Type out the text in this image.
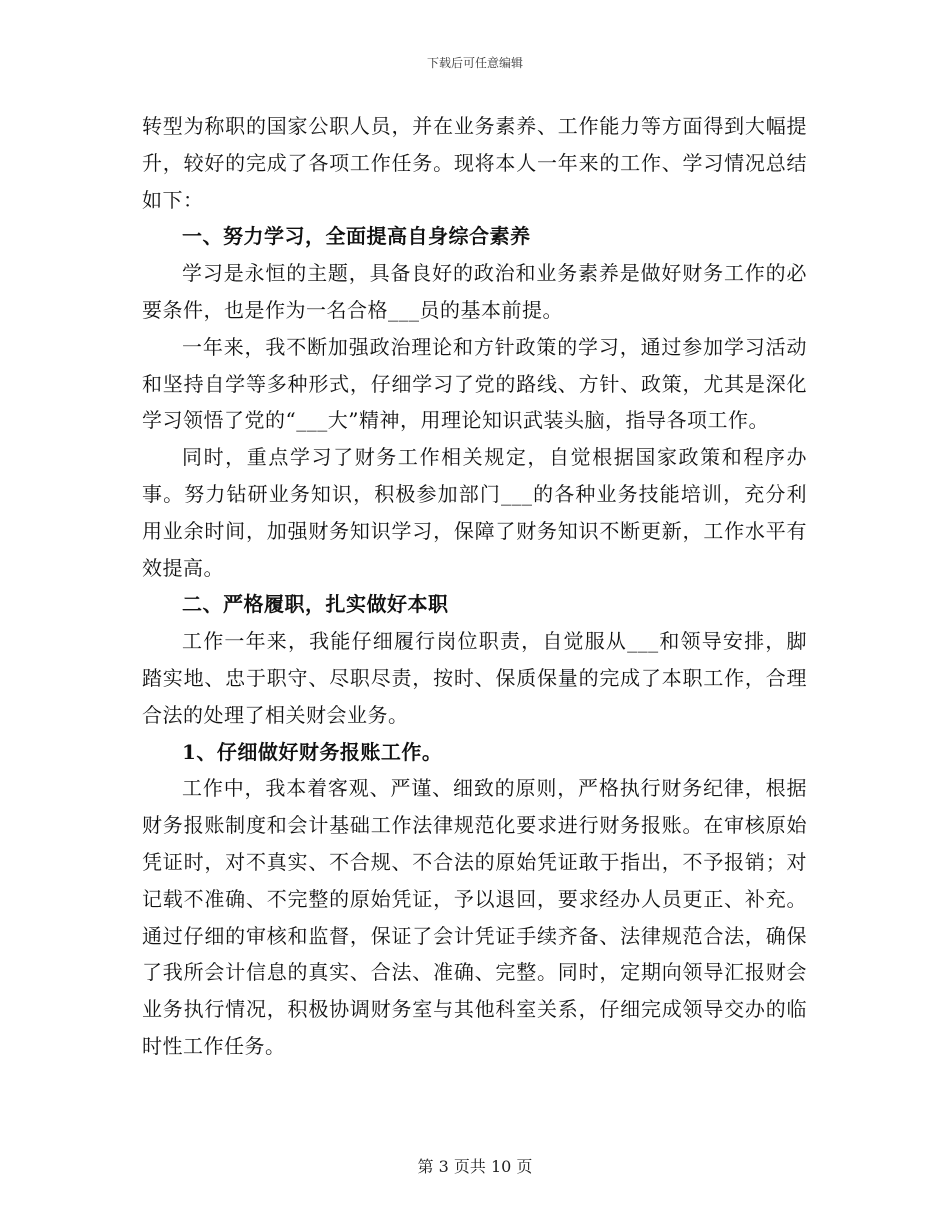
下载后可任意编辑

转型为称职的国家公职人员，并在业务素养、工作能力等方面得到大幅提升，较好的完成了各项工作任务。现将本人一年来的工作、学习情况总结如下：

一、努力学习，全面提高自身综合素养

学习是永恒的主题，具备良好的政治和业务素养是做好财务工作的必要条件，也是作为一名合格___员的基本前提。

一年来，我不断加强政治理论和方针政策的学习，通过参加学习活动和坚持自学等多种形式，仔细学习了党的路线、方针、政策，尤其是深化学习领悟了党的“___大”精神，用理论知识武装头脑，指导各项工作。

同时，重点学习了财务工作相关规定，自觉根据国家政策和程序办事。努力钻研业务知识，积极参加部门___的各种业务技能培训，充分利用业余时间，加强财务知识学习，保障了财务知识不断更新，工作水平有效提高。

二、严格履职，扎实做好本职

工作一年来，我能仔细履行岗位职责，自觉服从___和领导安排，脚踏实地、忠于职守、尽职尽责，按时、保质保量的完成了本职工作，合理合法的处理了相关财会业务。

1、仔细做好财务报账工作。

工作中，我本着客观、严谨、细致的原则，严格执行财务纪律，根据财务报账制度和会计基础工作法律规范化要求进行财务报账。在审核原始凭证时，对不真实、不合规、不合法的原始凭证敢于指出，不予报销；对记载不准确、不完整的原始凭证，予以退回，要求经办人员更正、补充。通过仔细的审核和监督，保证了会计凭证手续齐备、法律规范合法，确保了我所会计信息的真实、合法、准确、完整。同时，定期向领导汇报财会业务执行情况，积极协调财务室与其他科室关系，仔细完成领导交办的临时性工作任务。

第 3 页共 10 页
